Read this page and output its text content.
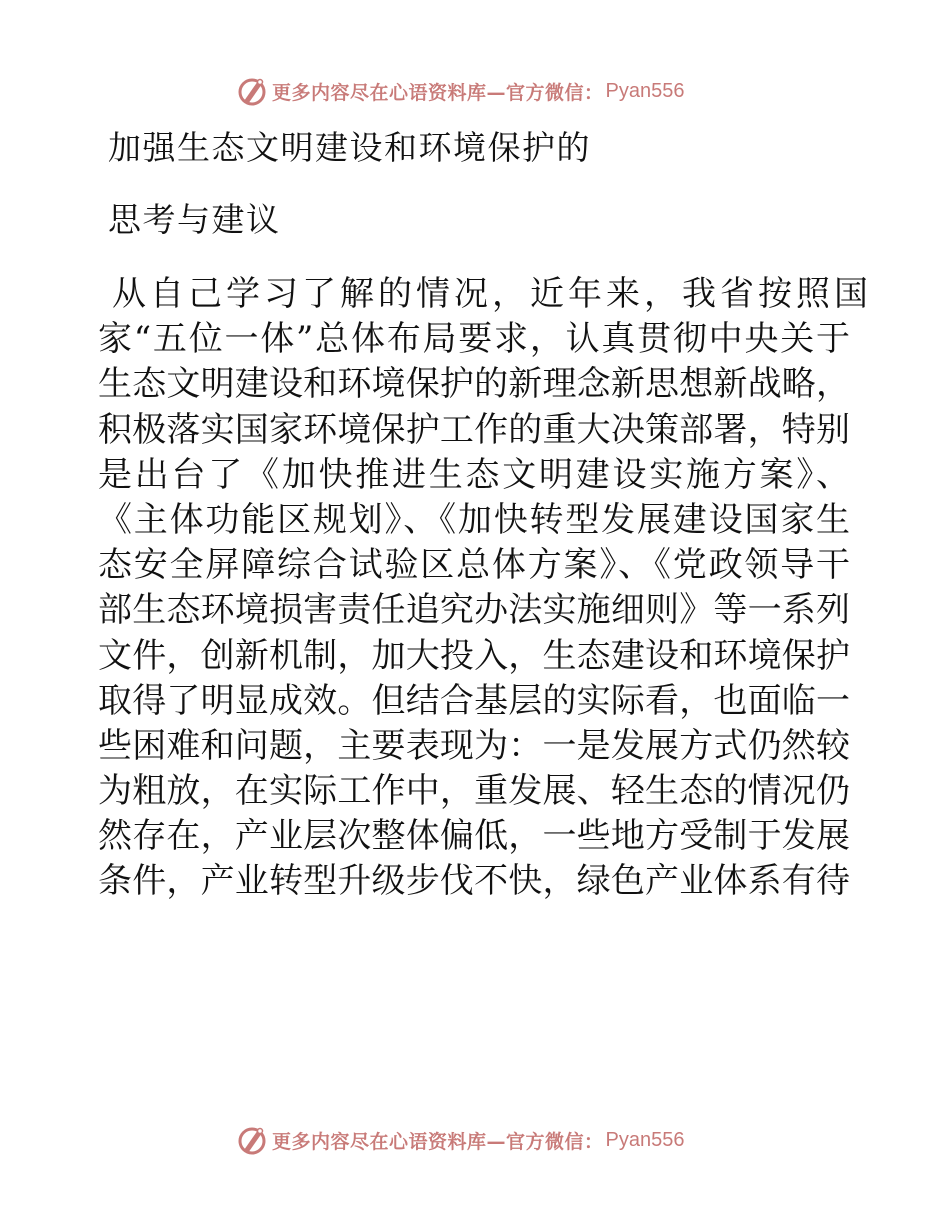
更多内容尽在心语资料库—官方微信： Pyan556
加强生态文明建设和环境保护的
思考与建议
从自己学习了解的情况，近年来，我省按照国
家“五位一体”总体布局要求，认真贯彻中央关于
生态文明建设和环境保护的新理念新思想新战略，
积极落实国家环境保护工作的重大决策部署，特别
是出台了《加快推进生态文明建设实施方案》、
《主体功能区规划》、《加快转型发展建设国家生
态安全屏障综合试验区总体方案》、《党政领导干
部生态环境损害责任追究办法实施细则》等一系列
文件，创新机制，加大投入，生态建设和环境保护
取得了明显成效。但结合基层的实际看，也面临一
些困难和问题，主要表现为：一是发展方式仍然较
为粗放，在实际工作中，重发展、轻生态的情况仍
然存在，产业层次整体偏低，一些地方受制于发展
条件，产业转型升级步伐不快，绿色产业体系有待
更多内容尽在心语资料库—官方微信： Pyan556
